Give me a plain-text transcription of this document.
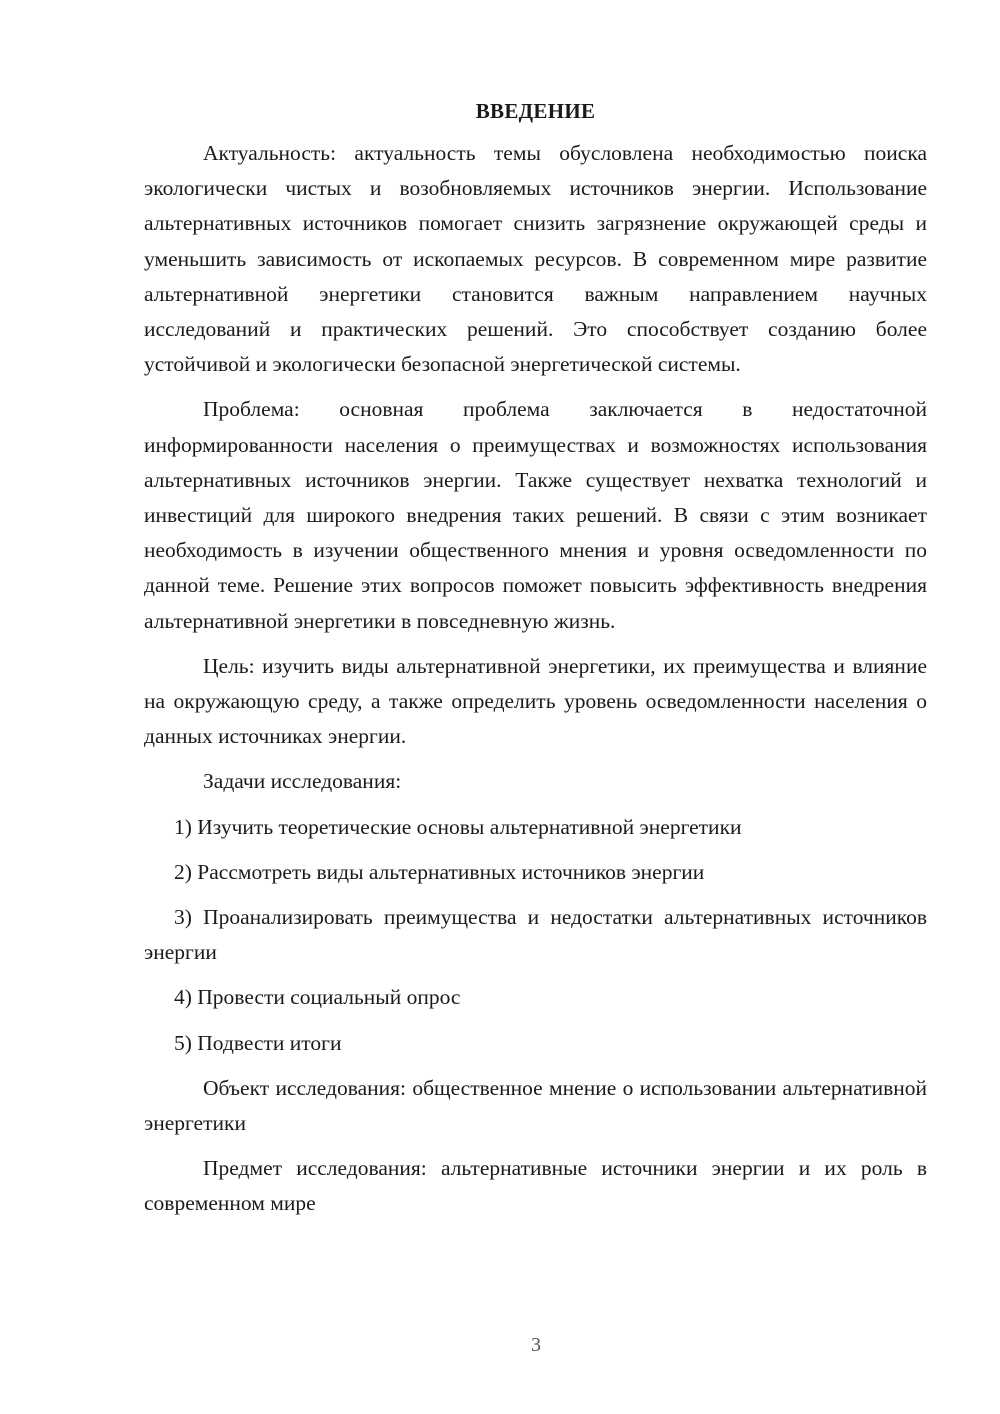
ВВЕДЕНИЕ

Актуальность: актуальность темы обусловлена необходимостью поиска экологически чистых и возобновляемых источников энергии. Использование альтернативных источников помогает снизить загрязнение окружающей среды и уменьшить зависимость от ископаемых ресурсов. В современном мире развитие альтернативной энергетики становится важным направлением научных исследований и практических решений. Это способствует созданию более устойчивой и экологически безопасной энергетической системы.

Проблема: основная проблема заключается в недостаточной информированности населения о преимуществах и возможностях использования альтернативных источников энергии. Также существует нехватка технологий и инвестиций для широкого внедрения таких решений. В связи с этим возникает необходимость в изучении общественного мнения и уровня осведомленности по данной теме. Решение этих вопросов поможет повысить эффективность внедрения альтернативной энергетики в повседневную жизнь.

Цель: изучить виды альтернативной энергетики, их преимущества и влияние на окружающую среду, а также определить уровень осведомленности населения о данных источниках энергии.

Задачи исследования:

1) Изучить теоретические основы альтернативной энергетики

2) Рассмотреть виды альтернативных источников энергии

3) Проанализировать преимущества и недостатки альтернативных источников энергии

4) Провести социальный опрос

5) Подвести итоги

Объект исследования: общественное мнение о использовании альтернативной энергетики

Предмет исследования: альтернативные источники энергии и их роль в современном мире

3
